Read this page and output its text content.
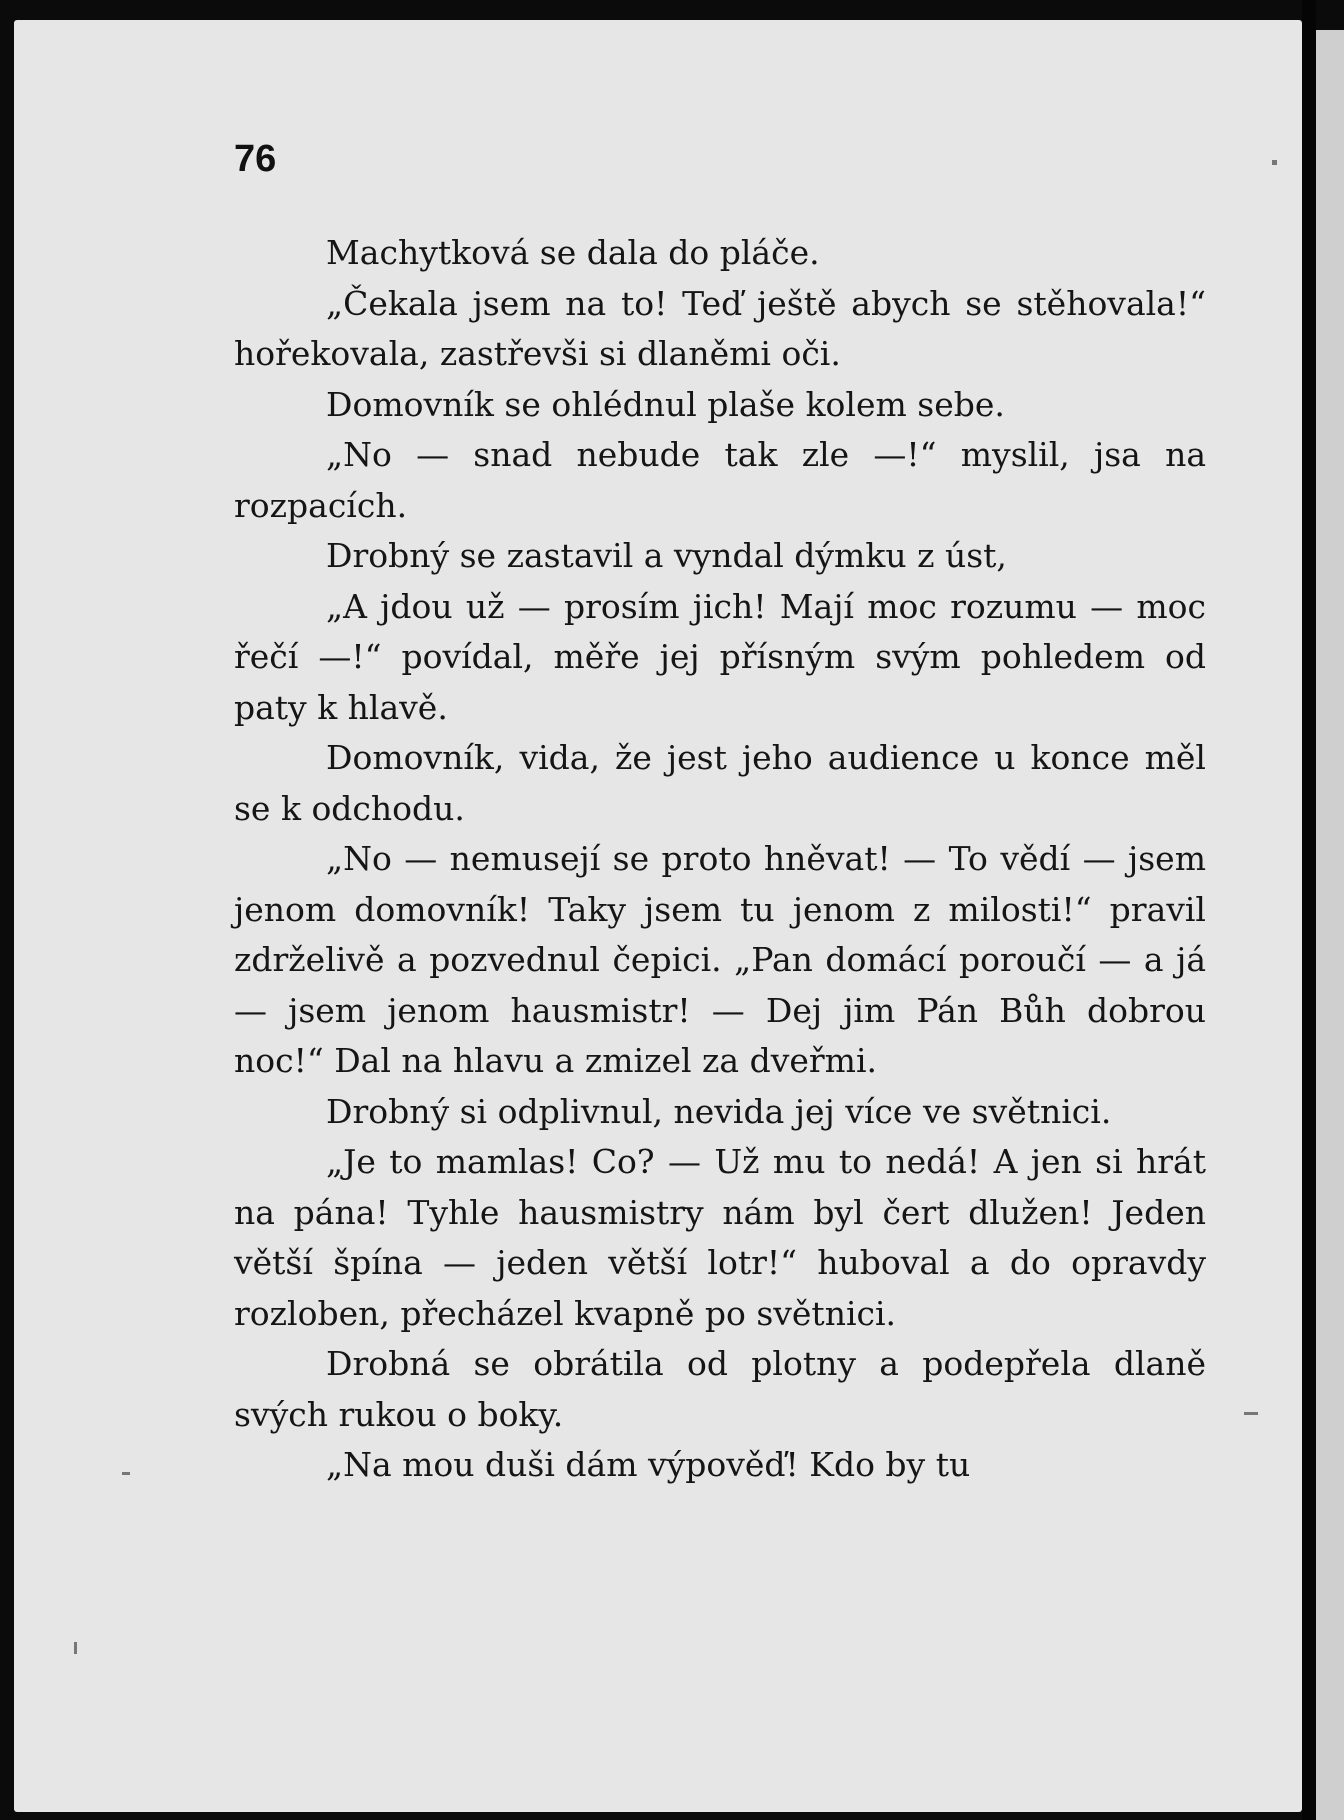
76

Machytková se dala do pláče.

„Čekala jsem na to! Teď ještě abych se stěhovala!“ hořekovala, zastřevši si dlaněmi oči.

Domovník se ohlédnul plaše kolem sebe.

„No — snad nebude tak zle —!“ myslil, jsa na rozpacích.

Drobný se zastavil a vyndal dýmku z úst,

„A jdou už — prosím jich! Mají moc rozumu — moc řečí —!“ povídal, měře jej přísným svým pohledem od paty k hlavě.

Domovník, vida, že jest jeho audience u konce měl se k odchodu.

„No — nemusejí se proto hněvat! — To vědí — jsem jenom domovník! Taky jsem tu jenom z milosti!“ pravil zdrželivě a pozvednul čepici. „Pan domácí poroučí — a já — jsem jenom hausmistr! — Dej jim Pán Bůh dobrou noc!“ Dal na hlavu a zmizel za dveřmi.

Drobný si odplivnul, nevida jej více ve světnici.

„Je to mamlas! Co? — Už mu to nedá! A jen si hrát na pána! Tyhle hausmistry nám byl čert dlužen! Jeden větší špína — jeden větší lotr!“ huboval a do opravdy rozloben, přecházel kvapně po světnici.

Drobná se obrátila od plotny a podepřela dlaně svých rukou o boky.

„Na mou duši dám výpověď! Kdo by tu
